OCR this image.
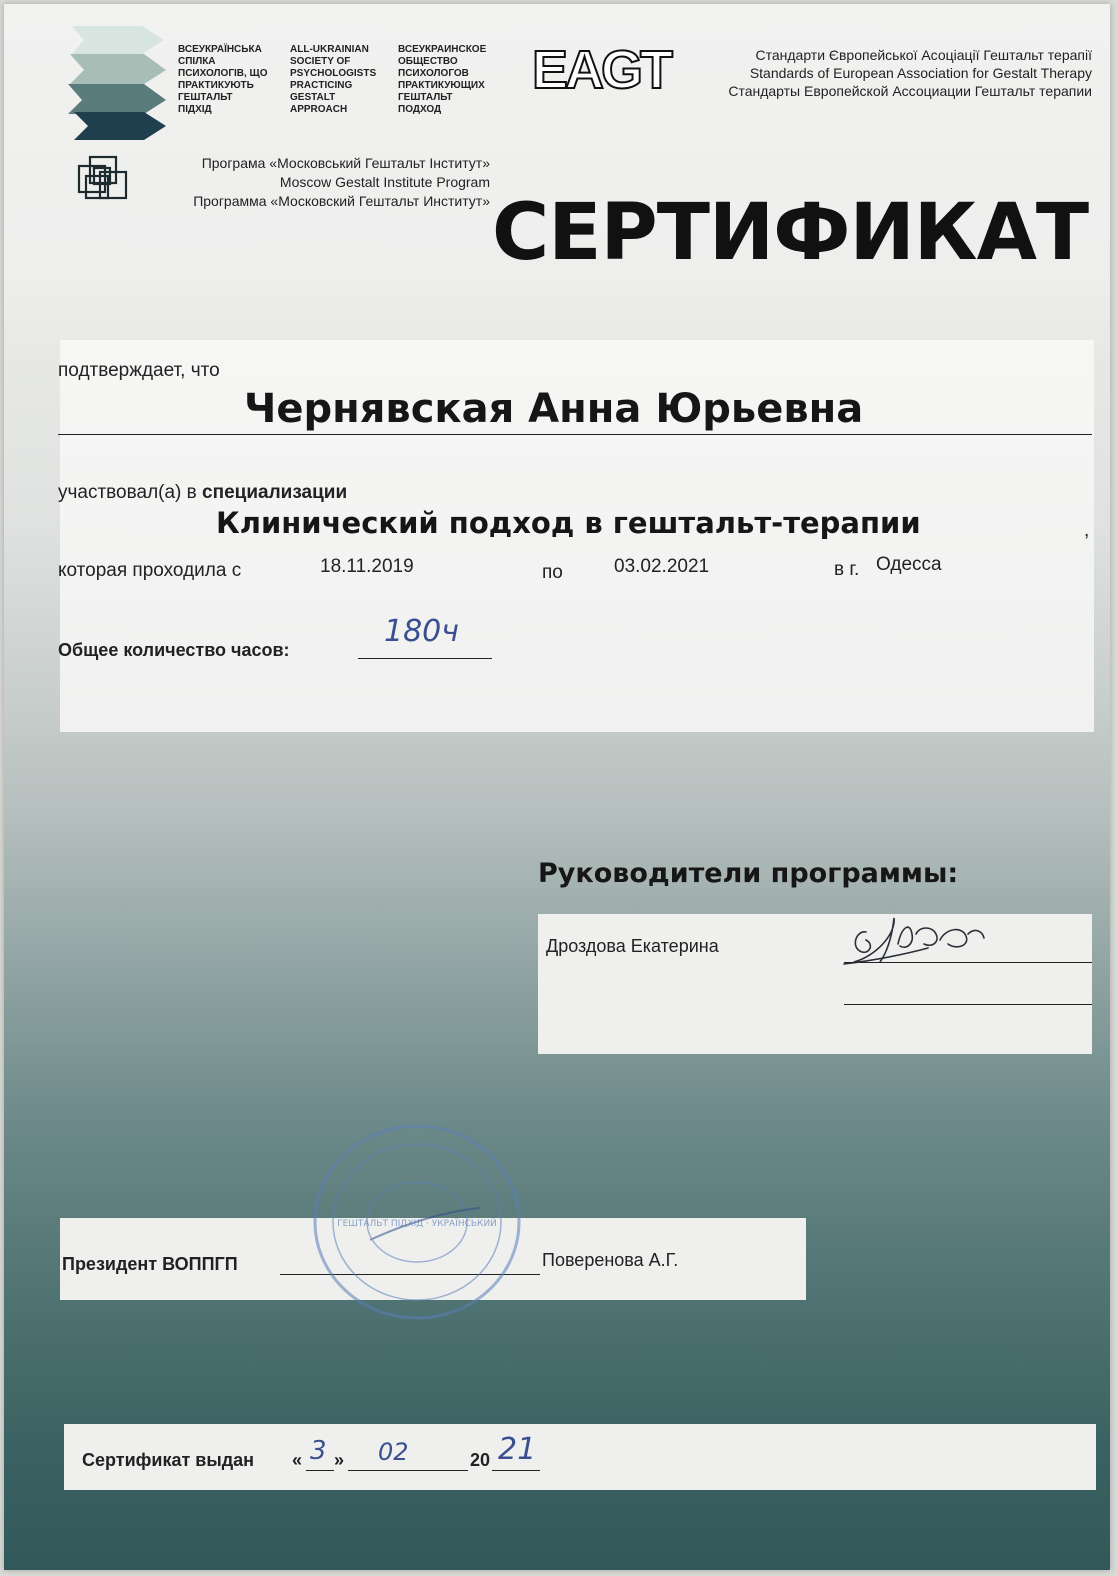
ВСЕУКРАЇНСЬКА
СПІЛКА
ПСИХОЛОГІВ, ЩО
ПРАКТИКУЮТЬ
ГЕШТАЛЬТ
ПІДХІД
ALL-UKRAINIAN
SOCIETY OF
PSYCHOLOGISTS
PRACTICING
GESTALT
APPROACH
ВСЕУКРАИНСКОЕ
ОБЩЕСТВО
ПСИХОЛОГОВ
ПРАКТИКУЮЩИХ
ГЕШТАЛЬТ
ПОДХОД
EAGT	Стандарти Європейської Асоціації Гештальт терапії
Standards of European Association for Gestalt Therapy
Стандарты Европейской Ассоциации Гештальт терапии
Програма «Московський Гештальт Інститут»
Moscow Gestalt Institute Program
Программа «Московский Гештальт Институт» СЕРТИФИКАТ
подтверждает, что
Чернявская Анна Юрьевна
участвовал(а) в специализации
Клинический подход в гештальт-терапии	,
которая проходила с	18.11.2019	по	03.02.2021	в г. Одесса
Общее количество часов:
180ч
Руководители программы:
Дроздова Екатерина
Президент ВОППГП	Поверенова А.Г.
ГЕШТАЛЬТ ПІДХІД · УКРАЇНСЬКИЙ
Сертификат выдан « 3 » 02	20 21
